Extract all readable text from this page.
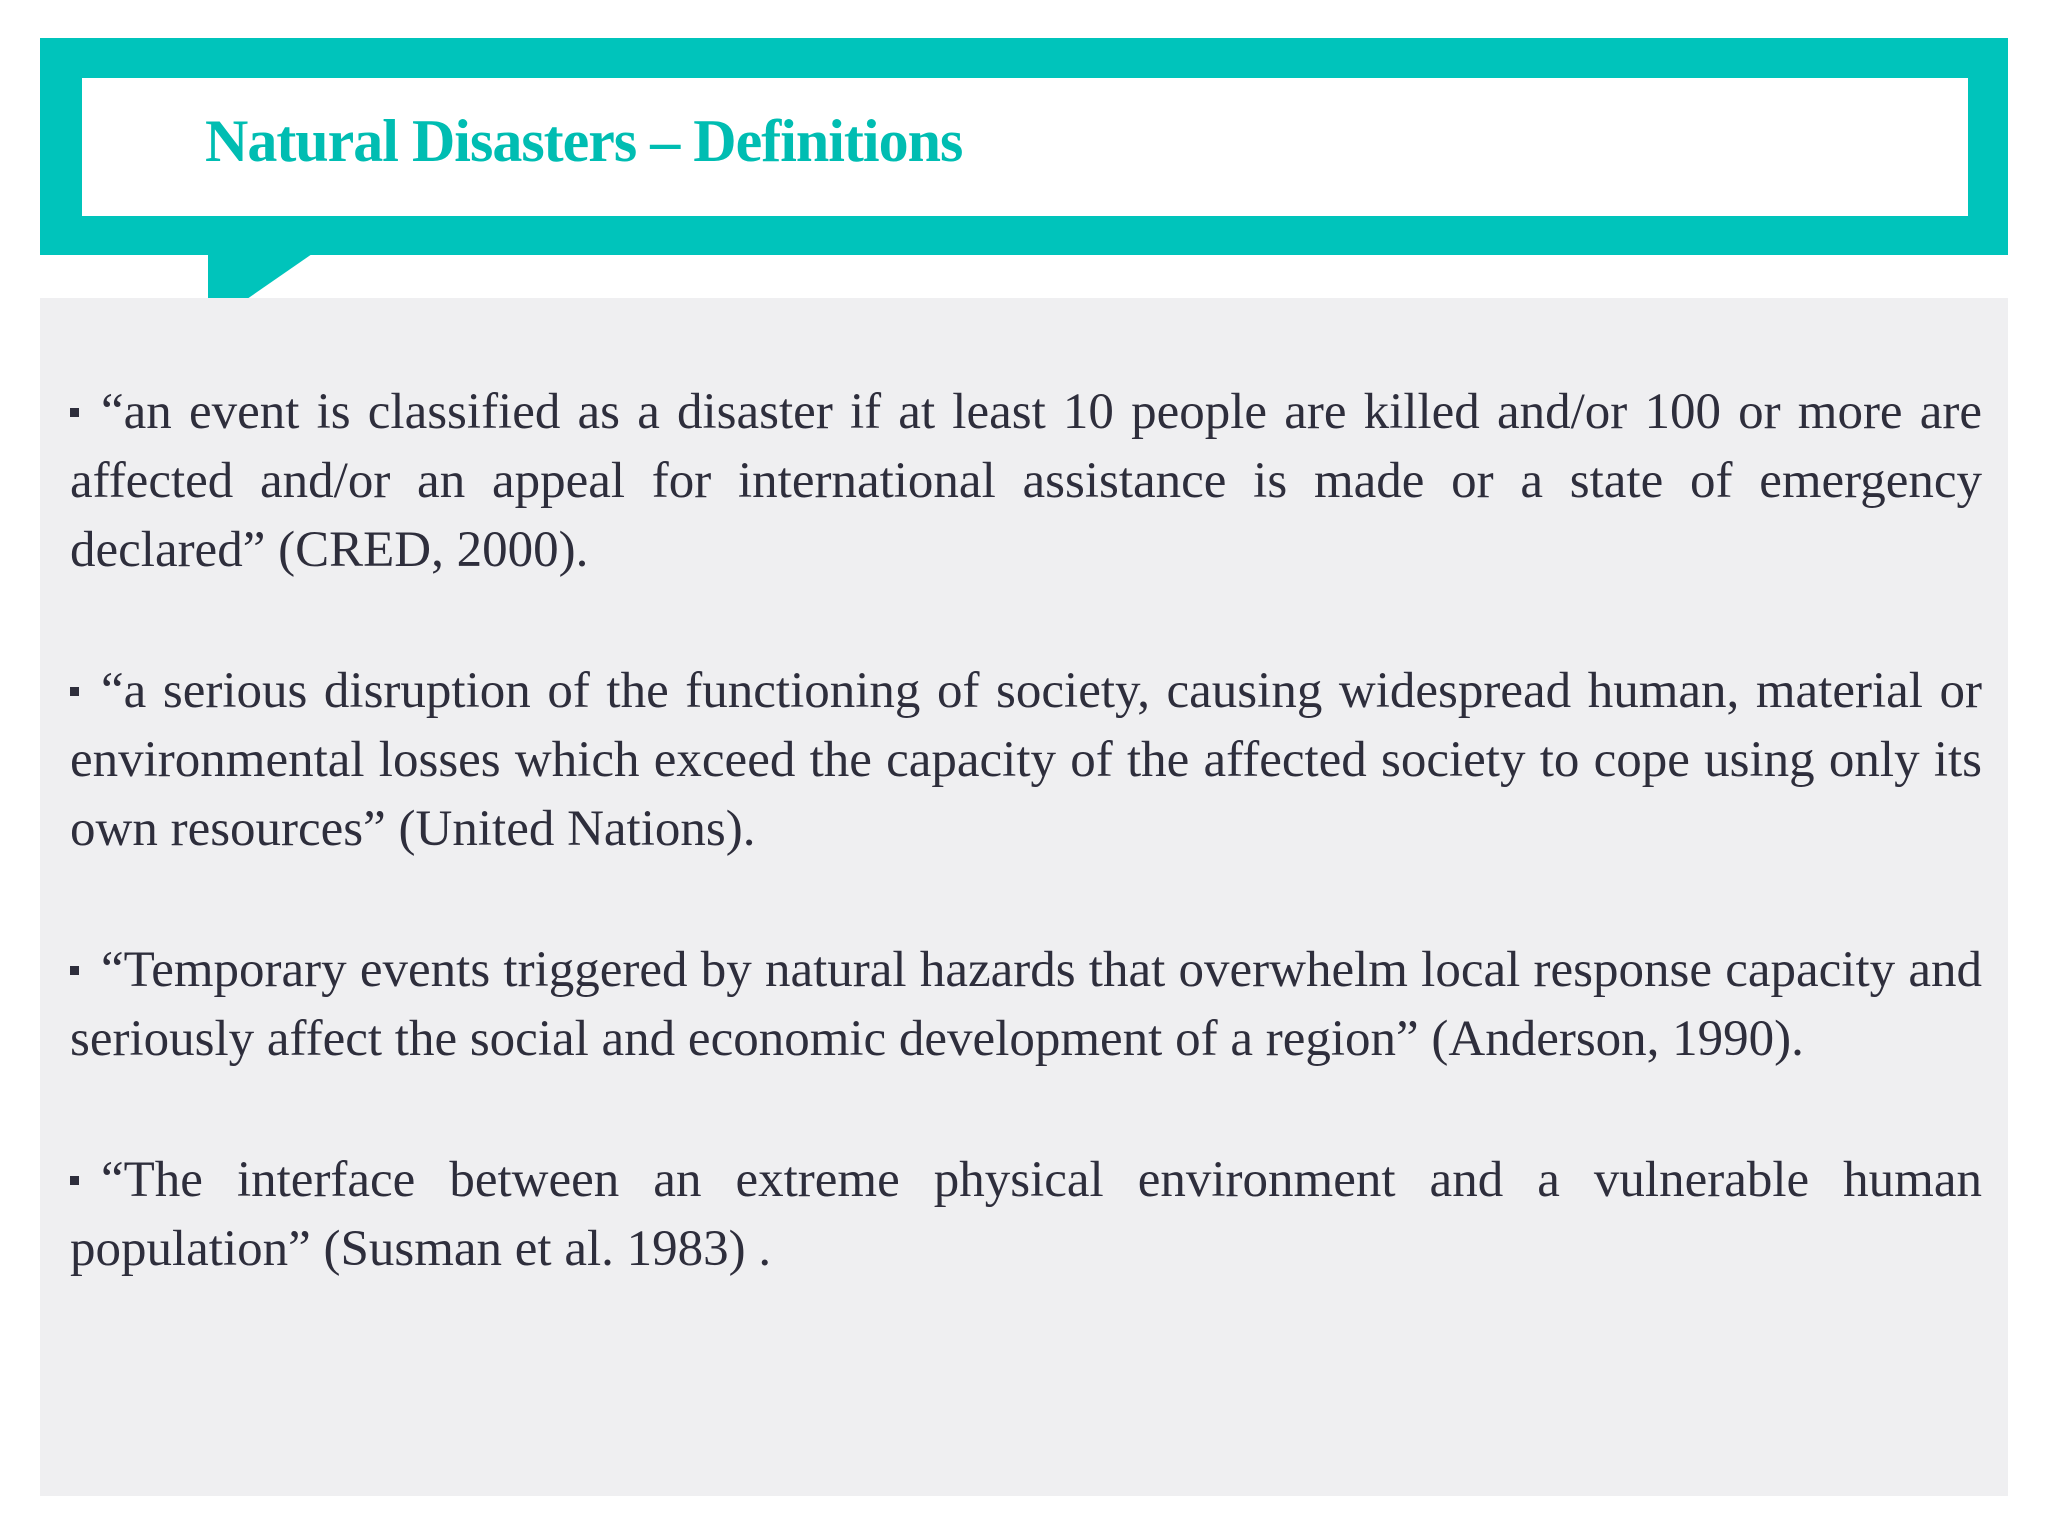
Natural Disasters – Definitions
“an event is classified as a disaster if at least 10 people are killed and/or 100 or more are affected and/or an appeal for international assistance is made or a state of emergency declared” (CRED, 2000).
“a serious disruption of the functioning of society, causing widespread human, material or environmental losses which exceed the capacity of the affected society to cope using only its own resources” (United Nations).
“Temporary events triggered by natural hazards that overwhelm local response capacity and seriously affect the social and economic development of a region” (Anderson, 1990).
“The interface between an extreme physical environment and a vulnerable human population” (Susman et al. 1983) .
